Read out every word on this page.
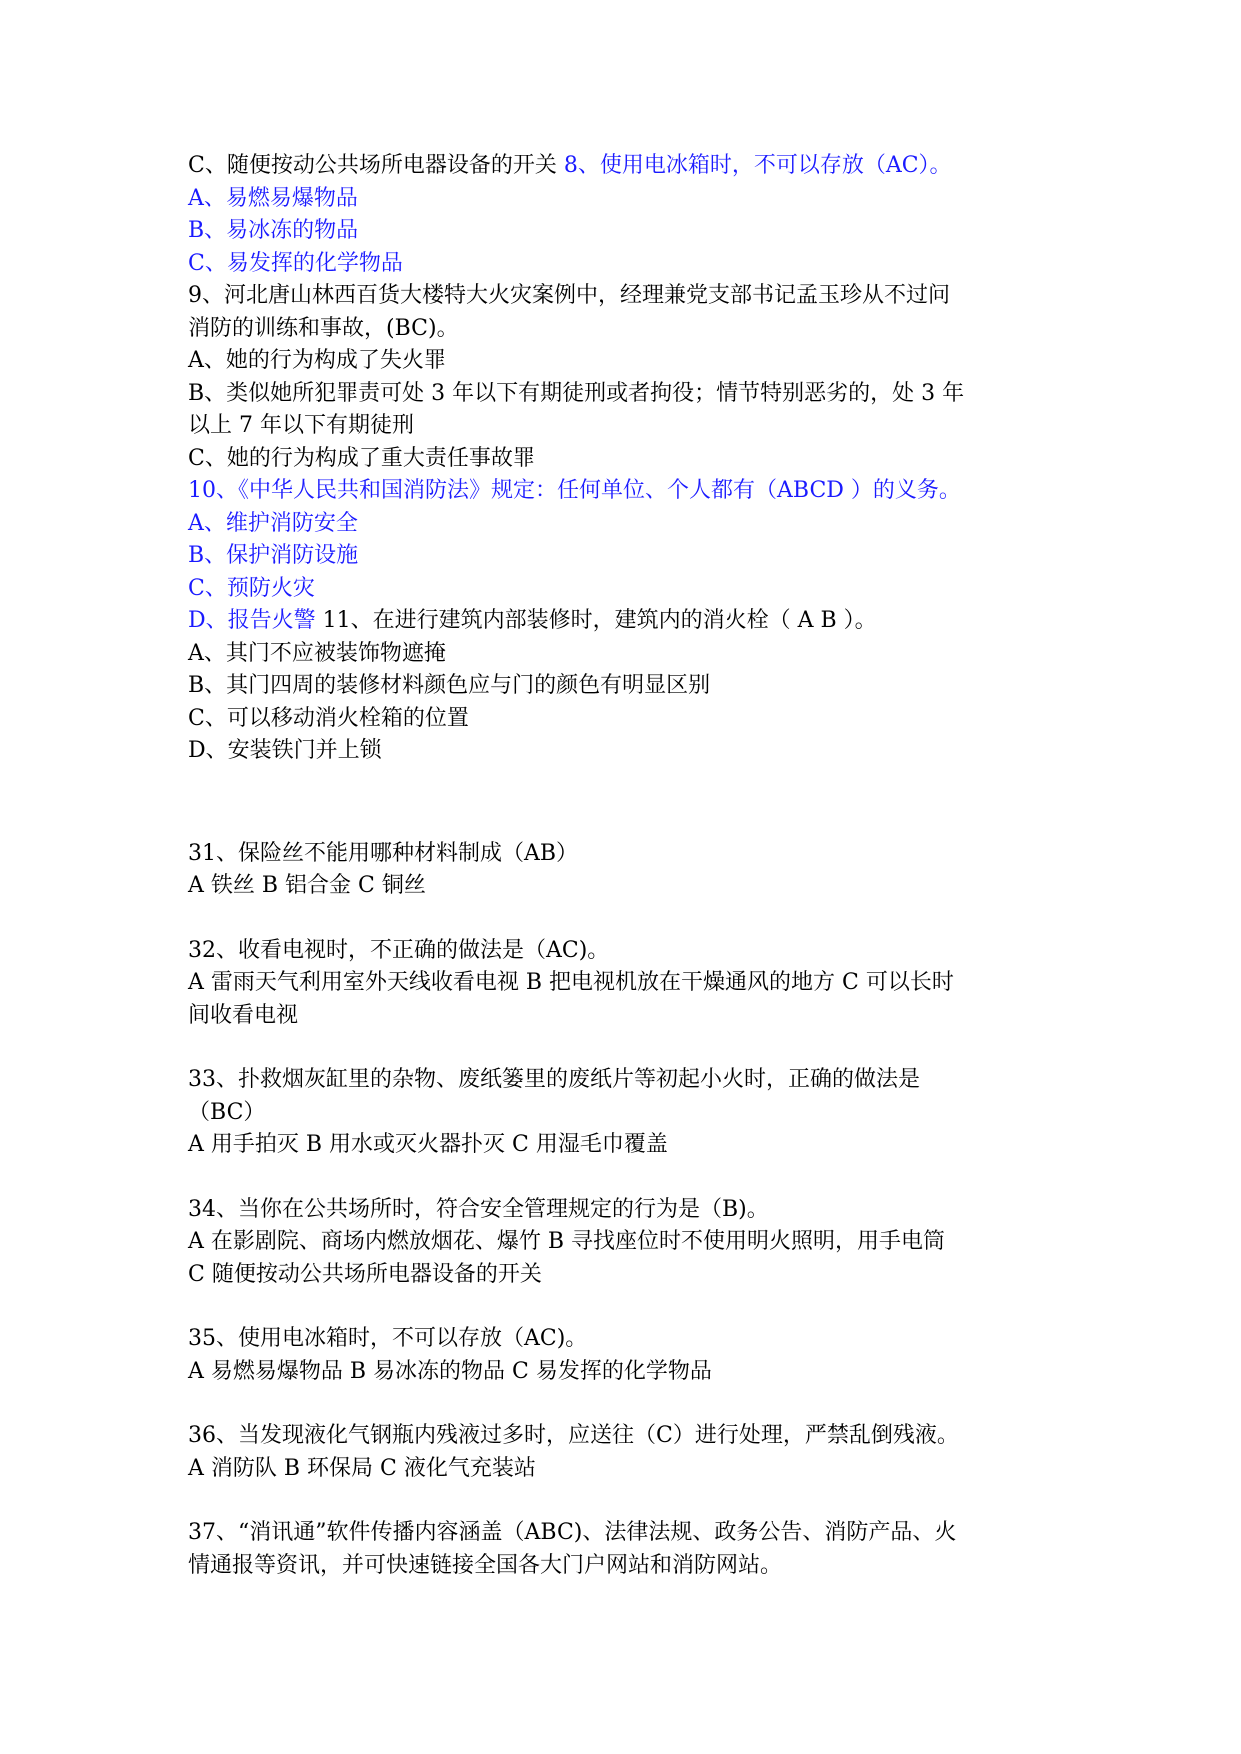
C、随便按动公共场所电器设备的开关 8、使用电冰箱时，不可以存放（AC）。
A、易燃易爆物品
B、易冰冻的物品
C、易发挥的化学物品
9、河北唐山林西百货大楼特大火灾案例中，经理兼党支部书记孟玉珍从不过问
消防的训练和事故，(BC)。
A、她的行为构成了失火罪
B、类似她所犯罪责可处 3 年以下有期徒刑或者拘役；情节特别恶劣的，处 3 年
以上 7 年以下有期徒刑
C、她的行为构成了重大责任事故罪
10、《中华人民共和国消防法》规定：任何单位、个人都有（ABCD ）的义务。
A、维护消防安全
B、保护消防设施
C、预防火灾
D、报告火警 11、在进行建筑内部装修时，建筑内的消火栓（ A B ）。
A、其门不应被装饰物遮掩
B、其门四周的装修材料颜色应与门的颜色有明显区别
C、可以移动消火栓箱的位置
D、安装铁门并上锁
31、保险丝不能用哪种材料制成（AB）
A 铁丝 B 铝合金 C 铜丝
32、收看电视时，不正确的做法是（AC)。
A 雷雨天气利用室外天线收看电视 B 把电视机放在干燥通风的地方 C 可以长时
间收看电视
33、扑救烟灰缸里的杂物、废纸篓里的废纸片等初起小火时，正确的做法是
（BC）
A 用手拍灭 B 用水或灭火器扑灭 C 用湿毛巾覆盖
34、当你在公共场所时，符合安全管理规定的行为是（B)。
A 在影剧院、商场内燃放烟花、爆竹 B 寻找座位时不使用明火照明，用手电筒
C 随便按动公共场所电器设备的开关
35、使用电冰箱时，不可以存放（AC)。
A 易燃易爆物品 B 易冰冻的物品 C 易发挥的化学物品
36、当发现液化气钢瓶内残液过多时，应送往（C）进行处理，严禁乱倒残液。
A 消防队 B 环保局 C 液化气充装站
37、“消讯通”软件传播内容涵盖（ABC)、法律法规、政务公告、消防产品、火
情通报等资讯，并可快速链接全国各大门户网站和消防网站。
